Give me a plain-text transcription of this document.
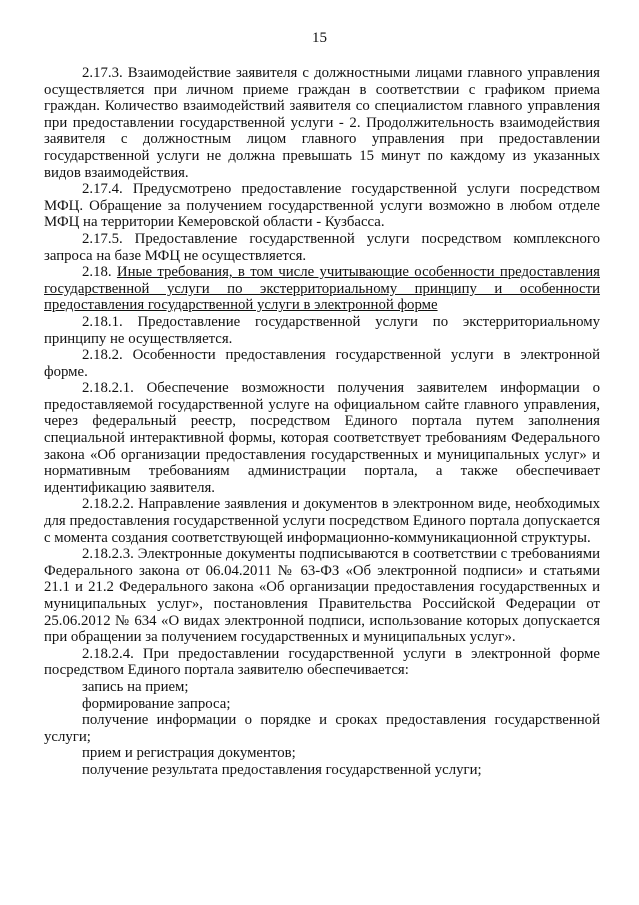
15

2.17.3. Взаимодействие заявителя с должностными лицами главного управления осуществляется при личном приеме граждан в соответствии с графиком приема граждан. Количество взаимодействий заявителя со специалистом главного управления при предоставлении государственной услуги - 2. Продолжительность взаимодействия заявителя с должностным лицом главного управления при предоставлении государственной услуги не должна превышать 15 минут по каждому из указанных видов взаимодействия.

2.17.4. Предусмотрено предоставление государственной услуги посредством МФЦ. Обращение за получением государственной услуги возможно в любом отделе МФЦ на территории Кемеровской области - Кузбасса.

2.17.5. Предоставление государственной услуги посредством комплексного запроса на базе МФЦ не осуществляется.

2.18. Иные требования, в том числе учитывающие особенности предоставления государственной услуги по экстерриториальному принципу и особенности предоставления государственной услуги в электронной форме

2.18.1. Предоставление государственной услуги по экстерриториальному принципу не осуществляется.

2.18.2. Особенности предоставления государственной услуги в электронной форме.

2.18.2.1. Обеспечение возможности получения заявителем информации о предоставляемой государственной услуге на официальном сайте главного управления, через федеральный реестр, посредством Единого портала путем заполнения специальной интерактивной формы, которая соответствует требованиям Федерального закона «Об организации предоставления государственных и муниципальных услуг» и нормативным требованиям администрации портала, а также обеспечивает идентификацию заявителя.

2.18.2.2. Направление заявления и документов в электронном виде, необходимых для предоставления государственной услуги посредством Единого портала допускается с момента создания соответствующей информационно-коммуникационной структуры.

2.18.2.3. Электронные документы подписываются в соответствии с требованиями Федерального закона от 06.04.2011 № 63-ФЗ «Об электронной подписи» и статьями 21.1 и 21.2 Федерального закона «Об организации предоставления государственных и муниципальных услуг», постановления Правительства Российской Федерации от 25.06.2012 № 634 «О видах электронной подписи, использование которых допускается при обращении за получением государственных и муниципальных услуг».

2.18.2.4. При предоставлении государственной услуги в электронной форме посредством Единого портала заявителю обеспечивается:

запись на прием;

формирование запроса;

получение информации о порядке и сроках предоставления государственной услуги;

прием и регистрация документов;

получение результата предоставления государственной услуги;
